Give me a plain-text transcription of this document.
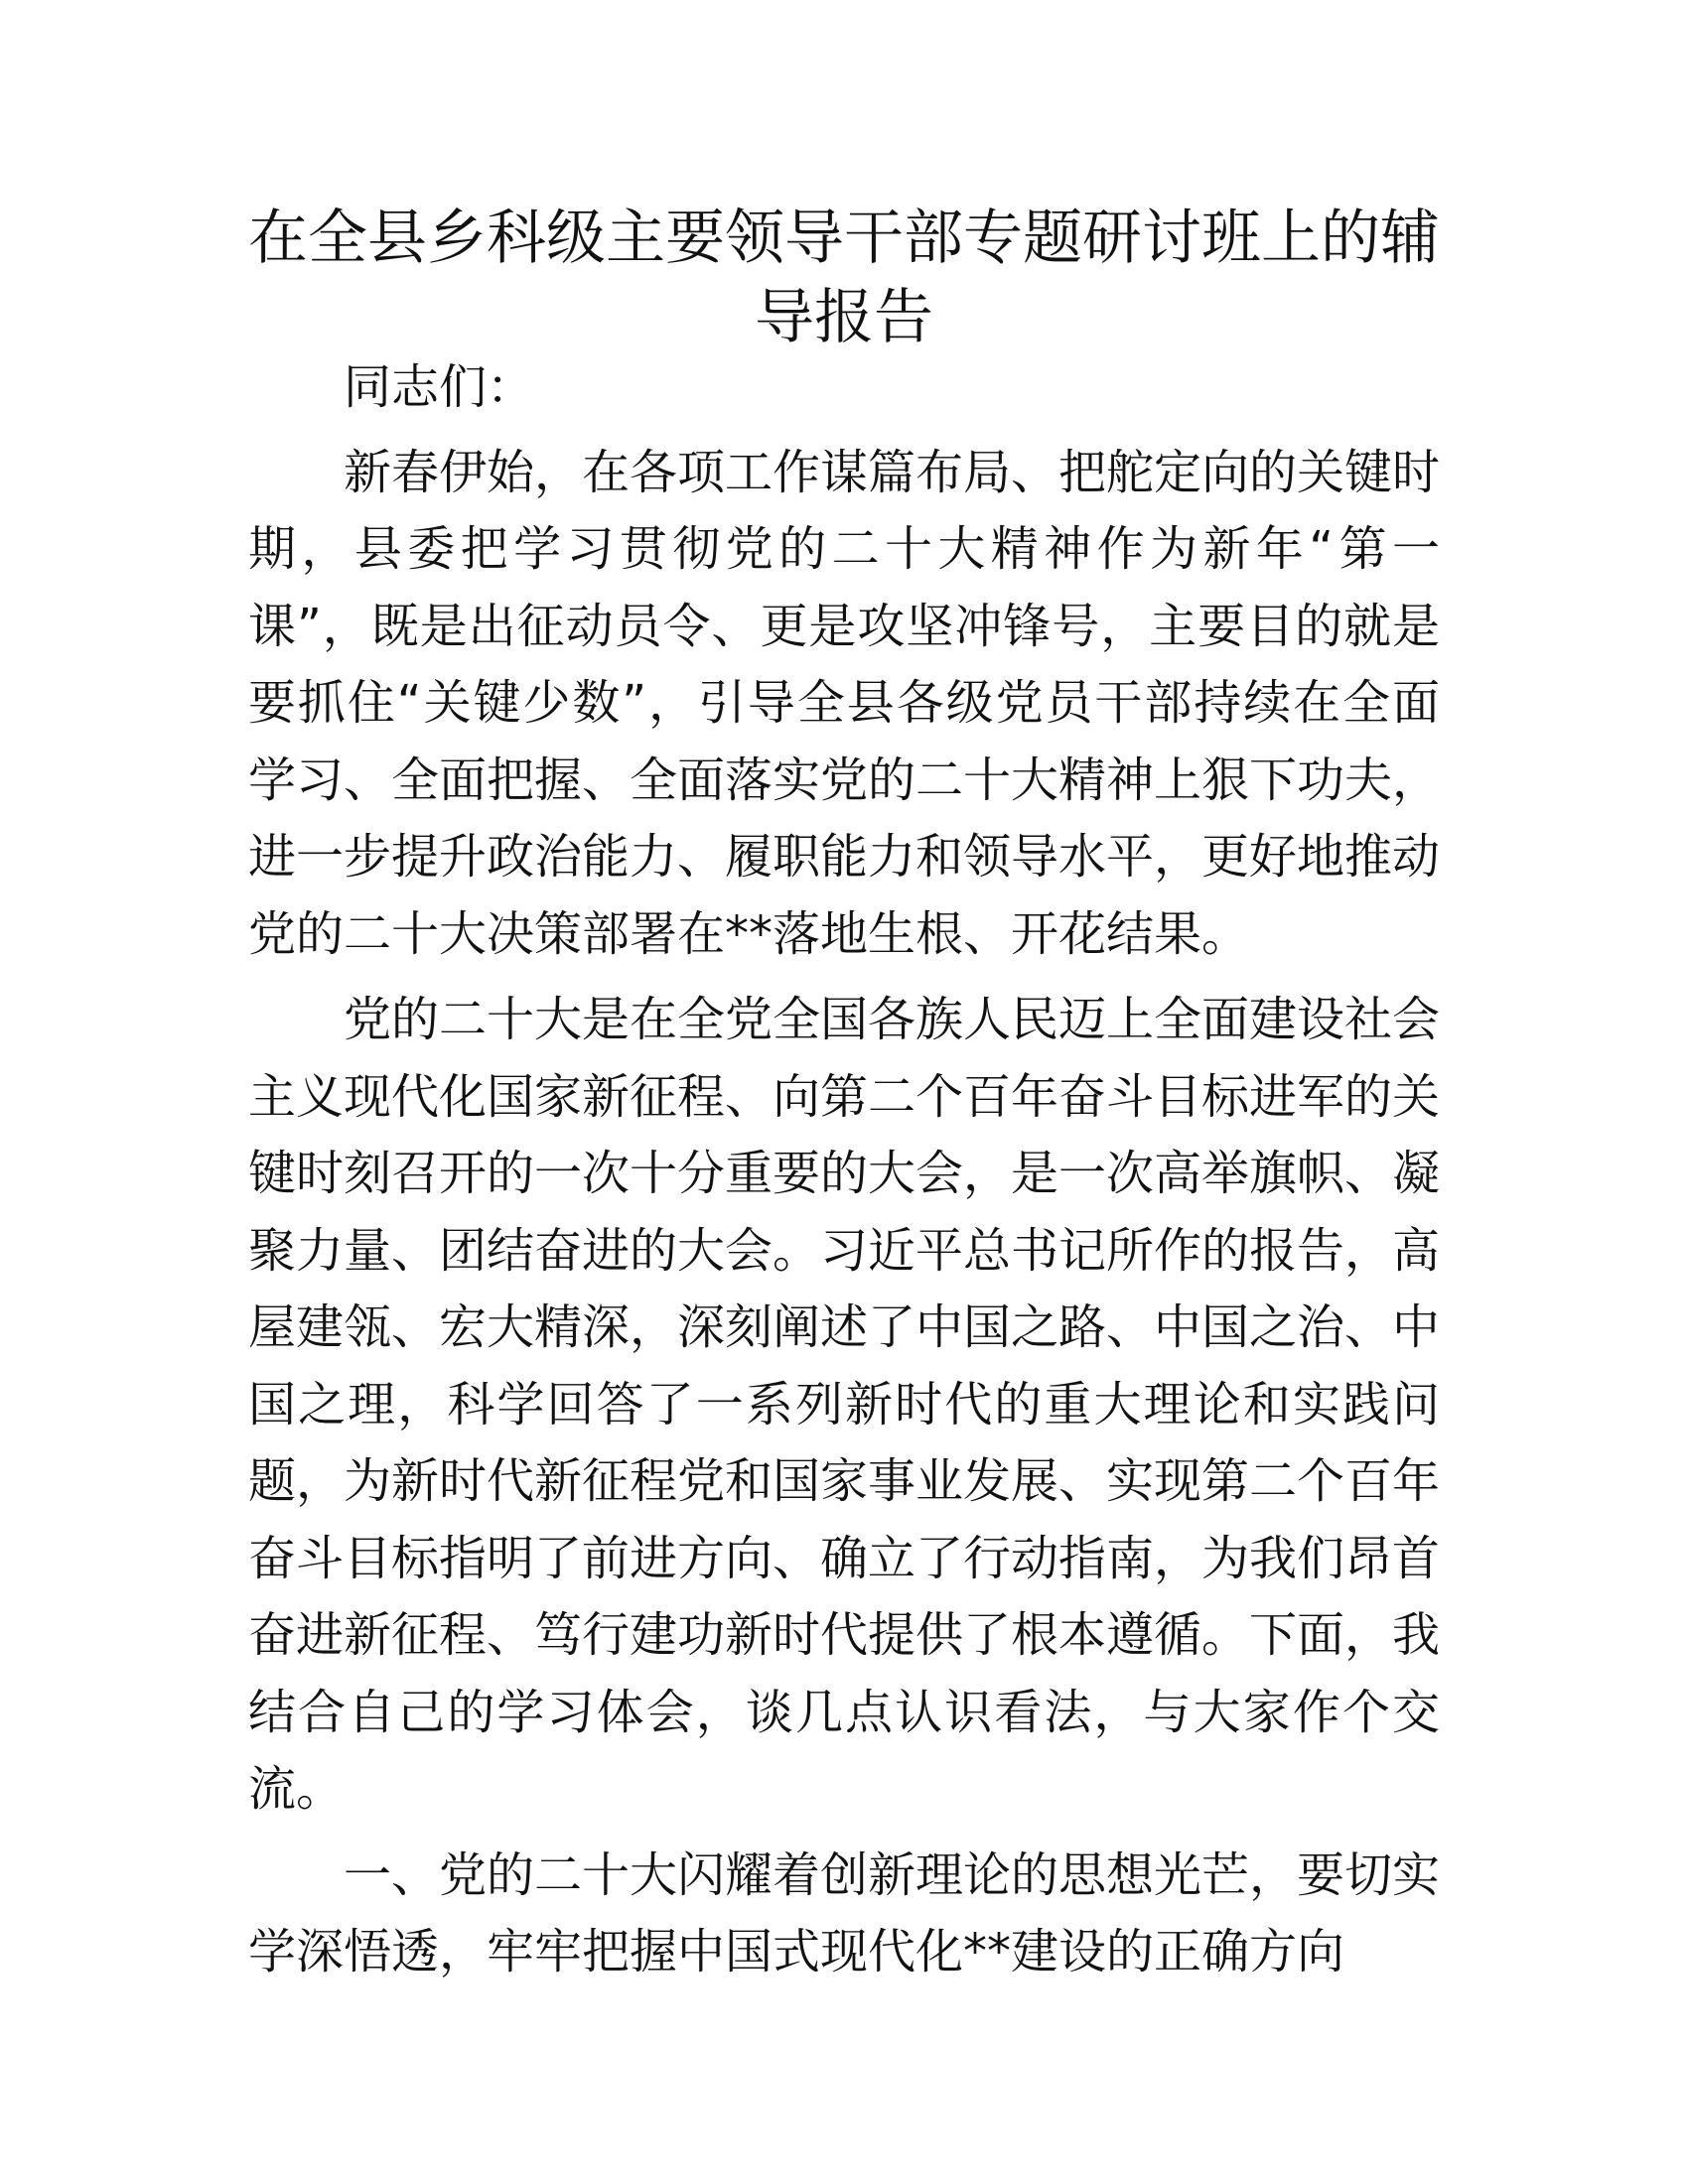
在全县乡科级主要领导干部专题研讨班上的辅导报告

同志们：

新春伊始，在各项工作谋篇布局、把舵定向的关键时期，县委把学习贯彻党的二十大精神作为新年“第一课”，既是出征动员令、更是攻坚冲锋号，主要目的就是要抓住“关键少数”，引导全县各级党员干部持续在全面学习、全面把握、全面落实党的二十大精神上狠下功夫，进一步提升政治能力、履职能力和领导水平，更好地推动党的二十大决策部署在**落地生根、开花结果。

党的二十大是在全党全国各族人民迈上全面建设社会主义现代化国家新征程、向第二个百年奋斗目标进军的关键时刻召开的一次十分重要的大会，是一次高举旗帜、凝聚力量、团结奋进的大会。习近平总书记所作的报告，高屋建瓴、宏大精深，深刻阐述了中国之路、中国之治、中国之理，科学回答了一系列新时代的重大理论和实践问题，为新时代新征程党和国家事业发展、实现第二个百年奋斗目标指明了前进方向、确立了行动指南，为我们昂首奋进新征程、笃行建功新时代提供了根本遵循。下面，我结合自己的学习体会，谈几点认识看法，与大家作个交流。

一、党的二十大闪耀着创新理论的思想光芒，要切实学深悟透，牢牢把握中国式现代化**建设的正确方向
